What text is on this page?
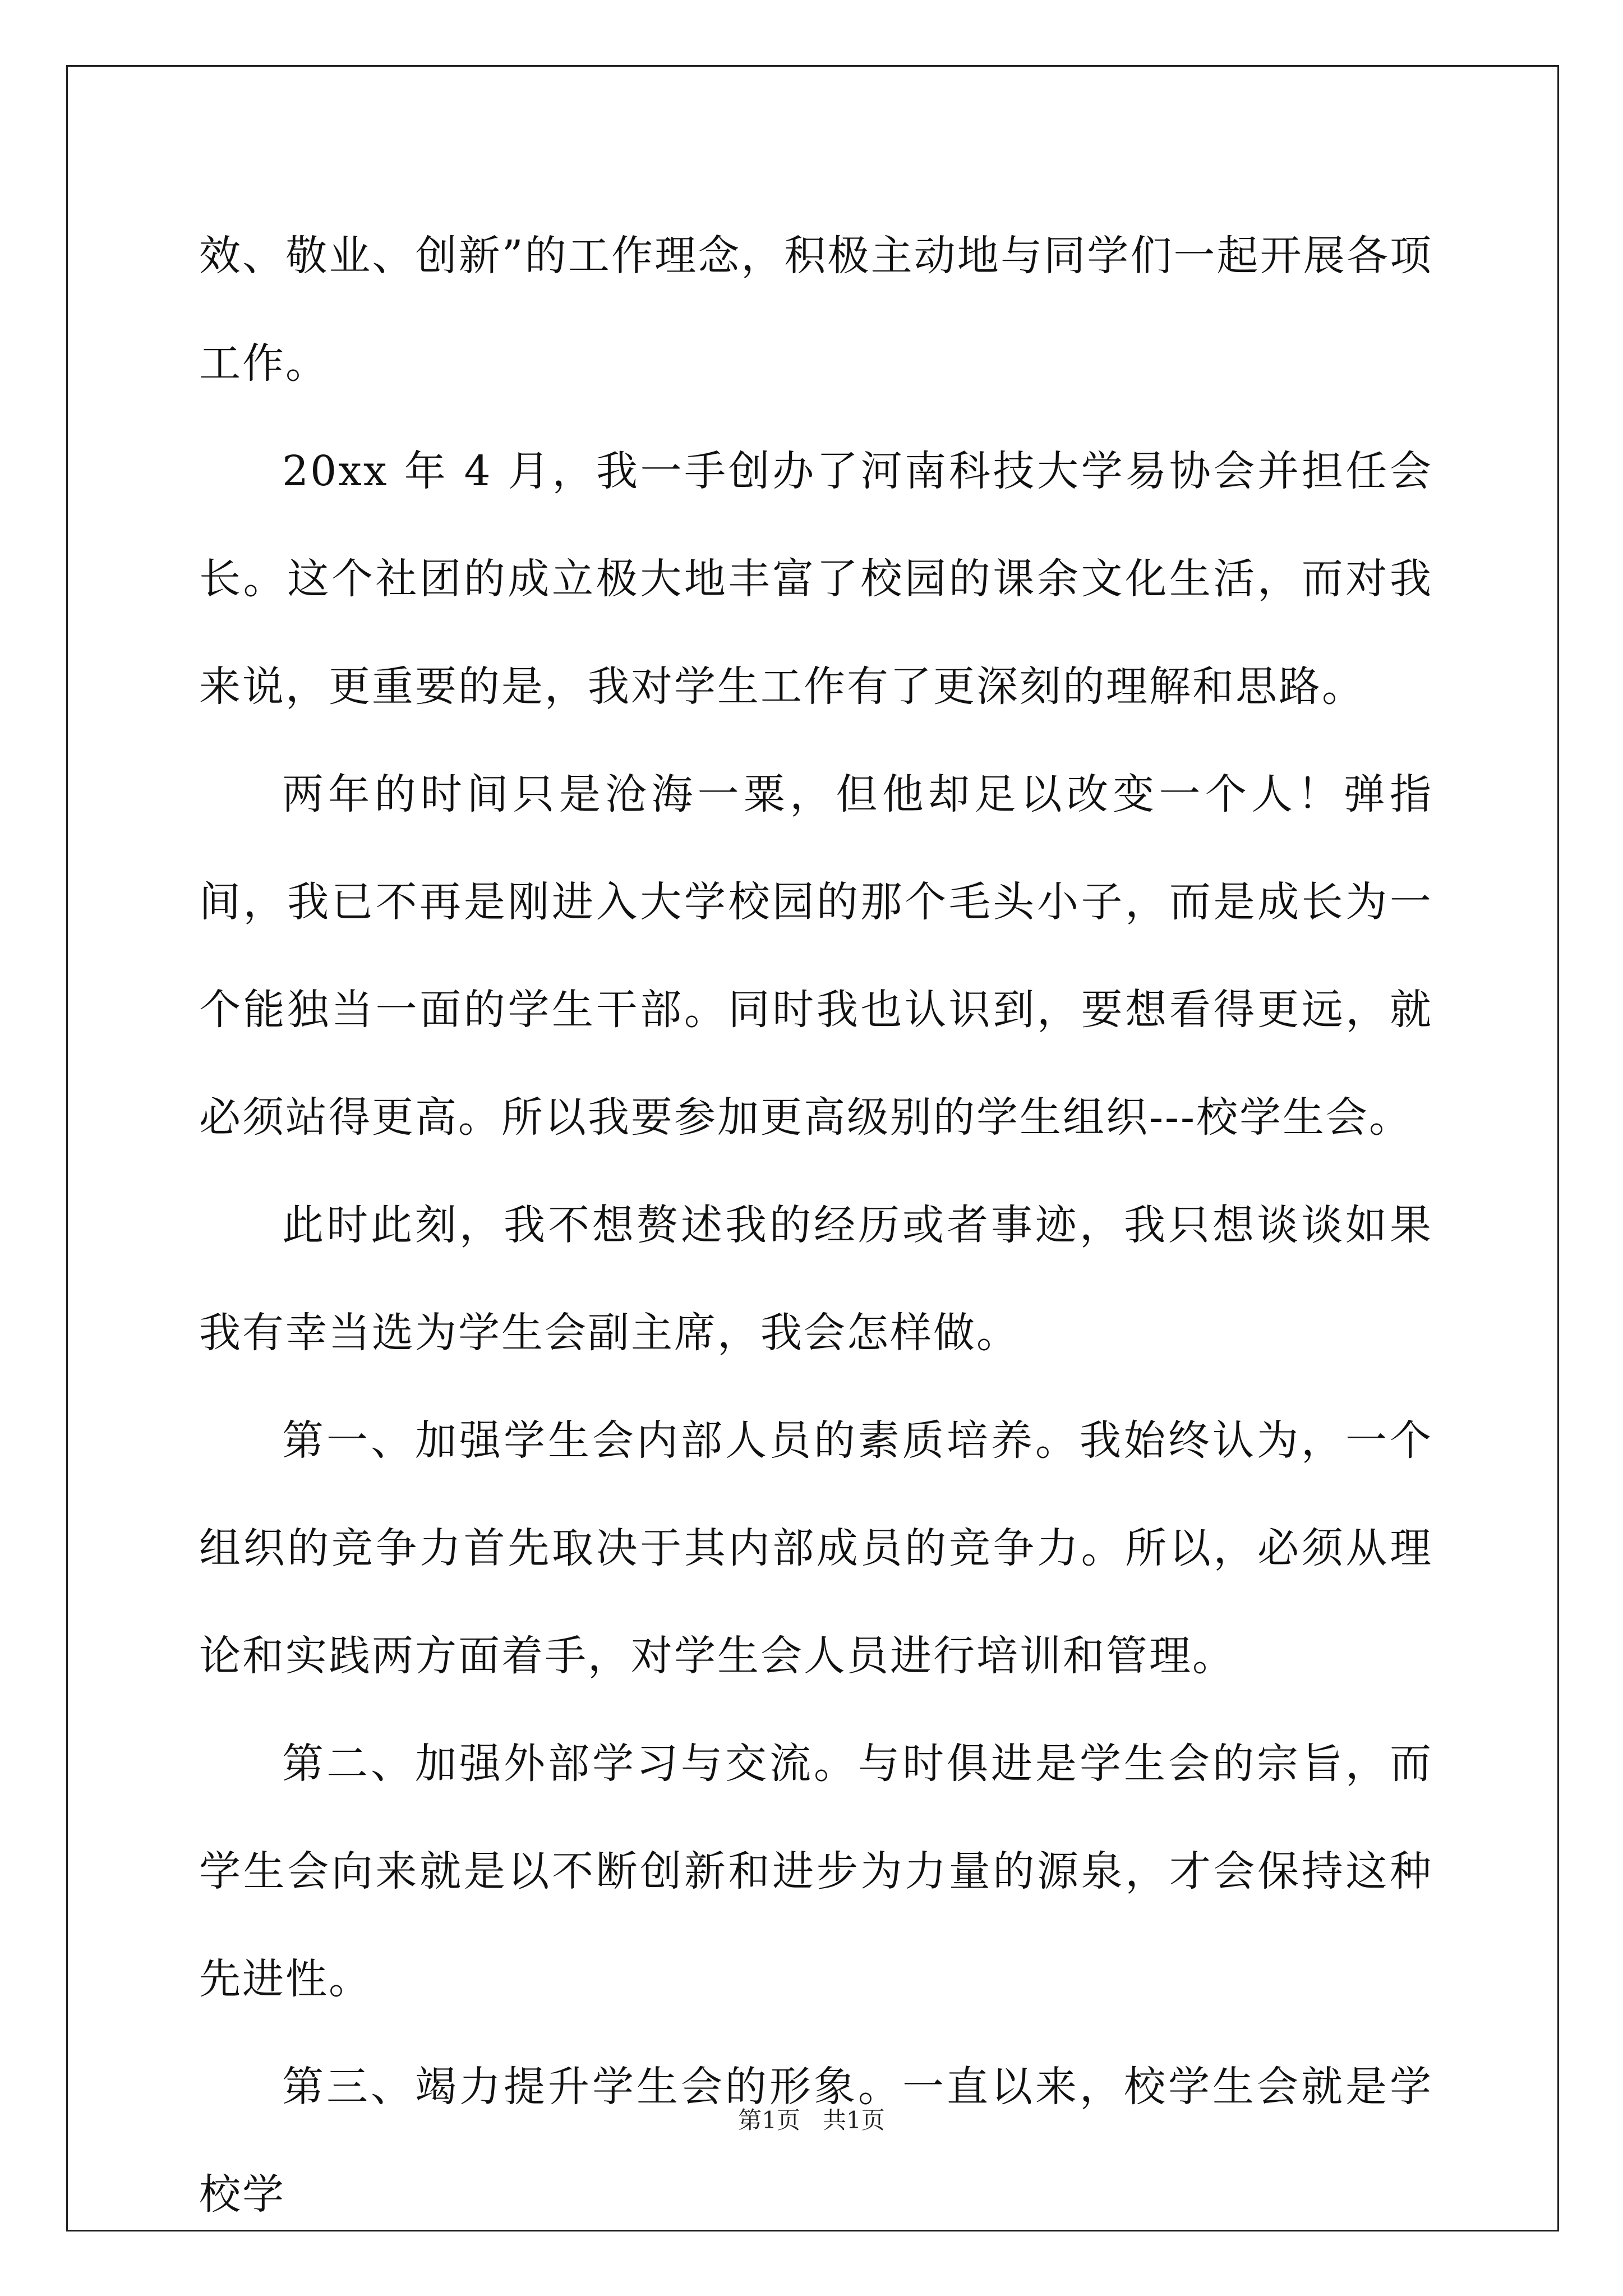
效、敬业、创新”的工作理念，积极主动地与同学们一起开展各项工作。

20xx 年 4 月，我一手创办了河南科技大学易协会并担任会长。这个社团的成立极大地丰富了校园的课余文化生活，而对我来说，更重要的是，我对学生工作有了更深刻的理解和思路。

两年的时间只是沧海一粟，但他却足以改变一个人！弹指间，我已不再是刚进入大学校园的那个毛头小子，而是成长为一个能独当一面的学生干部。同时我也认识到，要想看得更远，就必须站得更高。所以我要参加更高级别的学生组织---校学生会。

此时此刻，我不想赘述我的经历或者事迹，我只想谈谈如果我有幸当选为学生会副主席，我会怎样做。

第一、加强学生会内部人员的素质培养。我始终认为，一个组织的竞争力首先取决于其内部成员的竞争力。所以，必须从理论和实践两方面着手，对学生会人员进行培训和管理。

第二、加强外部学习与交流。与时俱进是学生会的宗旨，而学生会向来就是以不断创新和进步为力量的源泉，才会保持这种先进性。

第三、竭力提升学生会的形象。一直以来，校学生会就是学校学

第1页 共1页
